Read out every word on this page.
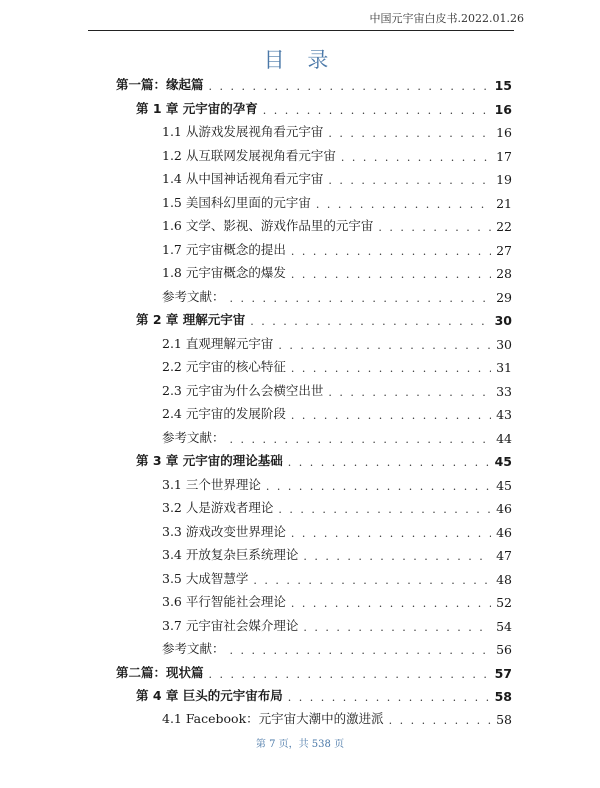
中国元宇宙白皮书.2022.01.26
目 录
第一篇：缘起篇 . . .	15
第 1 章 元宇宙的孕育 . . .	16
1.1 从游戏发展视角看元宇宙 . . .	16
1.2 从互联网发展视角看元宇宙 . . .	17
1.4 从中国神话视角看元宇宙 . . .	19
1.5 美国科幻里面的元宇宙 . . .	21
1.6 文学、影视、游戏作品里的元宇宙 . . .	22
1.7 元宇宙概念的提出 . . .	27
1.8 元宇宙概念的爆发 . . .	28
参考文献： . . .	29
第 2 章 理解元宇宙 . . .	30
2.1 直观理解元宇宙 . . .	30
2.2 元宇宙的核心特征 . . .	31
2.3 元宇宙为什么会横空出世 . . .	33
2.4 元宇宙的发展阶段 . . .	43
参考文献： . . .	44
第 3 章 元宇宙的理论基础 . . .	45
3.1 三个世界理论 . . .	45
3.2 人是游戏者理论 . . .	46
3.3 游戏改变世界理论 . . .	46
3.4 开放复杂巨系统理论 . . .	47
3.5 大成智慧学 . . .	48
3.6 平行智能社会理论 . . .	52
3.7 元宇宙社会媒介理论 . . .	54
参考文献： . . .	56
第二篇：现状篇 . . .	57
第 4 章 巨头的元宇宙布局 . . .	58
4.1 Facebook：元宇宙大潮中的激进派 . . .	58
第 7 页，共 538 页
